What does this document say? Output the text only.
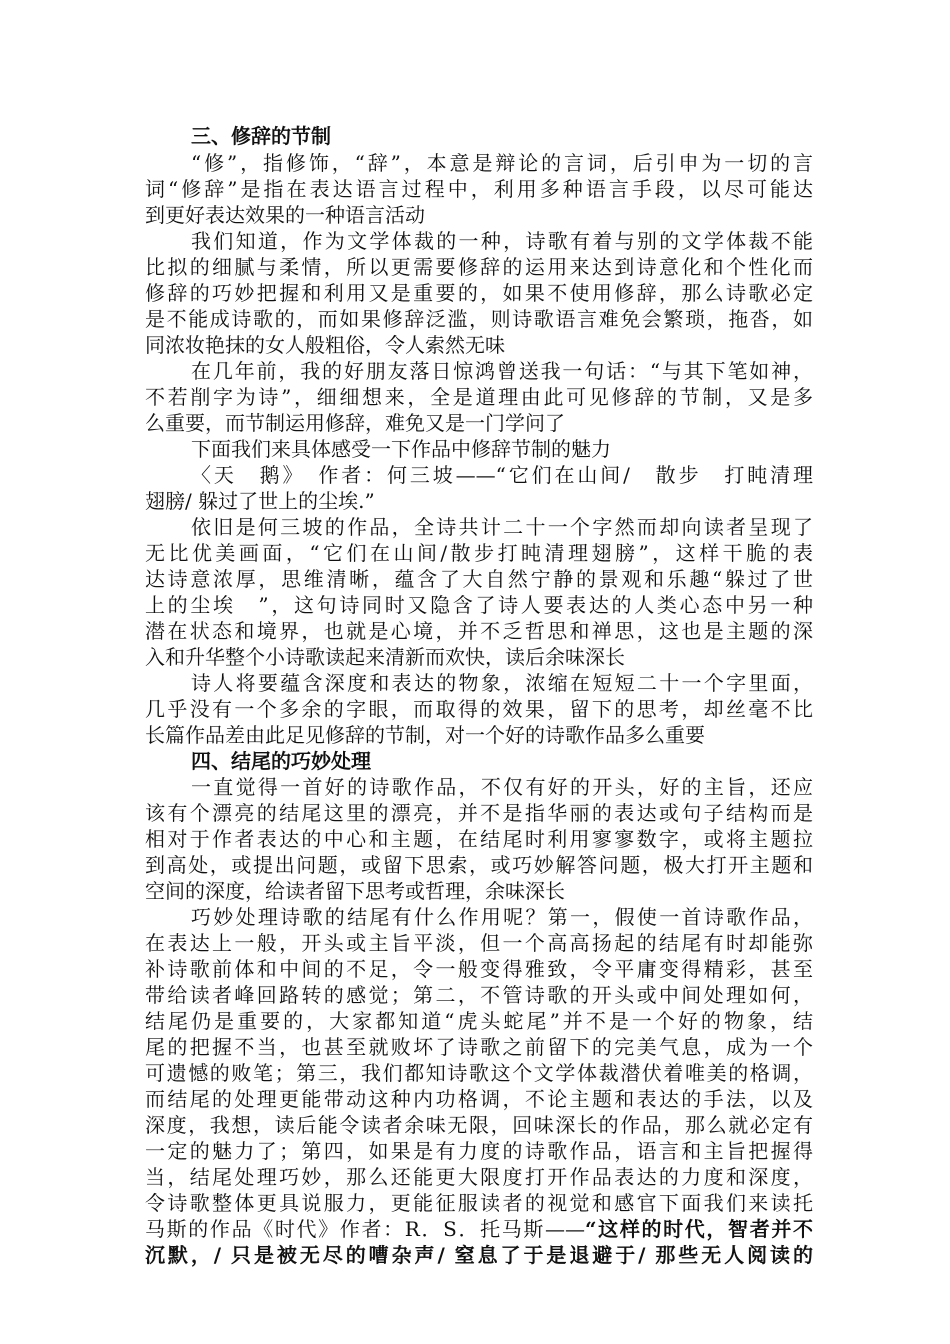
三、修辞的节制
“修”，指修饰，“辞”，本意是辩论的言词，后引申为一切的言
词“修辞”是指在表达语言过程中，利用多种语言手段，以尽可能达
到更好表达效果的一种语言活动
我们知道，作为文学体裁的一种，诗歌有着与别的文学体裁不能
比拟的细腻与柔情，所以更需要修辞的运用来达到诗意化和个性化而
修辞的巧妙把握和利用又是重要的，如果不使用修辞，那么诗歌必定
是不能成诗歌的，而如果修辞泛滥，则诗歌语言难免会繁琐，拖沓，如
同浓妆艳抹的女人般粗俗，令人索然无味
在几年前，我的好朋友落日惊鸿曾送我一句话：“与其下笔如神，
不若削字为诗”，细细想来，全是道理由此可见修辞的节制，又是多
么重要，而节制运用修辞，难免又是一门学问了
下面我们来具体感受一下作品中修辞节制的魅力
〈天　鹅》　作者：何三坡——“它们在山间/　散步　打盹清理
翅膀/ 躲过了世上的尘埃.”
依旧是何三坡的作品，全诗共计二十一个字然而却向读者呈现了
无比优美画面，“它们在山间/散步打盹清理翅膀”，这样干脆的表
达诗意浓厚，思维清晰，蕴含了大自然宁静的景观和乐趣“躲过了世
上的尘埃　”，这句诗同时又隐含了诗人要表达的人类心态中另一种
潜在状态和境界，也就是心境，并不乏哲思和禅思，这也是主题的深
入和升华整个小诗歌读起来清新而欢快，读后余味深长
诗人将要蕴含深度和表达的物象，浓缩在短短二十一个字里面，
几乎没有一个多余的字眼，而取得的效果，留下的思考，却丝毫不比
长篇作品差由此足见修辞的节制，对一个好的诗歌作品多么重要
四、结尾的巧妙处理
一直觉得一首好的诗歌作品，不仅有好的开头，好的主旨，还应
该有个漂亮的结尾这里的漂亮，并不是指华丽的表达或句子结构而是
相对于作者表达的中心和主题，在结尾时利用寥寥数字，或将主题拉
到高处，或提出问题，或留下思索，或巧妙解答问题，极大打开主题和
空间的深度，给读者留下思考或哲理，余味深长
巧妙处理诗歌的结尾有什么作用呢？第一，假使一首诗歌作品，
在表达上一般，开头或主旨平淡，但一个高高扬起的结尾有时却能弥
补诗歌前体和中间的不足，令一般变得雅致，令平庸变得精彩，甚至
带给读者峰回路转的感觉；第二，不管诗歌的开头或中间处理如何，
结尾仍是重要的，大家都知道“虎头蛇尾”并不是一个好的物象，结
尾的把握不当，也甚至就败坏了诗歌之前留下的完美气息，成为一个
可遗憾的败笔；第三，我们都知诗歌这个文学体裁潜伏着唯美的格调，
而结尾的处理更能带动这种内功格调，不论主题和表达的手法，以及
深度，我想，读后能令读者余味无限，回味深长的作品，那么就必定有
一定的魅力了；第四，如果是有力度的诗歌作品，语言和主旨把握得
当，结尾处理巧妙，那么还能更大限度打开作品表达的力度和深度，
令诗歌整体更具说服力，更能征服读者的视觉和感官下面我们来读托
马斯的作品《时代》作者：R．S．托马斯——“这样的时代，智者并不
沉默，/ 只是被无尽的嘈杂声/ 窒息了于是退避于/ 那些无人阅读的
